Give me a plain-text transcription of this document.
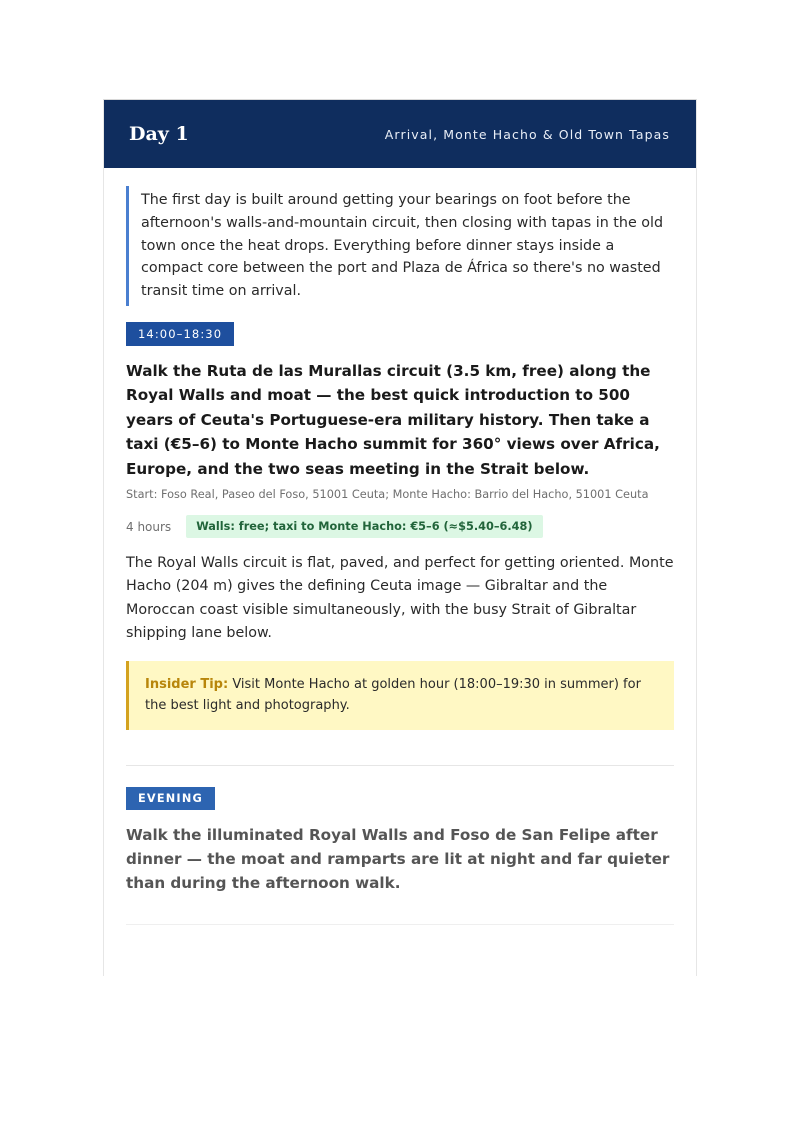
Day 1	Arrival, Monte Hacho & Old Town Tapas
The first day is built around getting your bearings on foot before the afternoon's walls-and-mountain circuit, then closing with tapas in the old town once the heat drops. Everything before dinner stays inside a compact core between the port and Plaza de África so there's no wasted transit time on arrival.
14:00–18:30
Walk the Ruta de las Murallas circuit (3.5 km, free) along the Royal Walls and moat — the best quick introduction to 500 years of Ceuta's Portuguese-era military history. Then take a taxi (€5–6) to Monte Hacho summit for 360° views over Africa, Europe, and the two seas meeting in the Strait below.
Start: Foso Real, Paseo del Foso, 51001 Ceuta; Monte Hacho: Barrio del Hacho, 51001 Ceuta
4 hours	Walls: free; taxi to Monte Hacho: €5–6 (≈$5.40–6.48)
The Royal Walls circuit is flat, paved, and perfect for getting oriented. Monte Hacho (204 m) gives the defining Ceuta image — Gibraltar and the Moroccan coast visible simultaneously, with the busy Strait of Gibraltar shipping lane below.
Insider Tip: Visit Monte Hacho at golden hour (18:00–19:30 in summer) for the best light and photography.
EVENING
Walk the illuminated Royal Walls and Foso de San Felipe after dinner — the moat and ramparts are lit at night and far quieter than during the afternoon walk.
